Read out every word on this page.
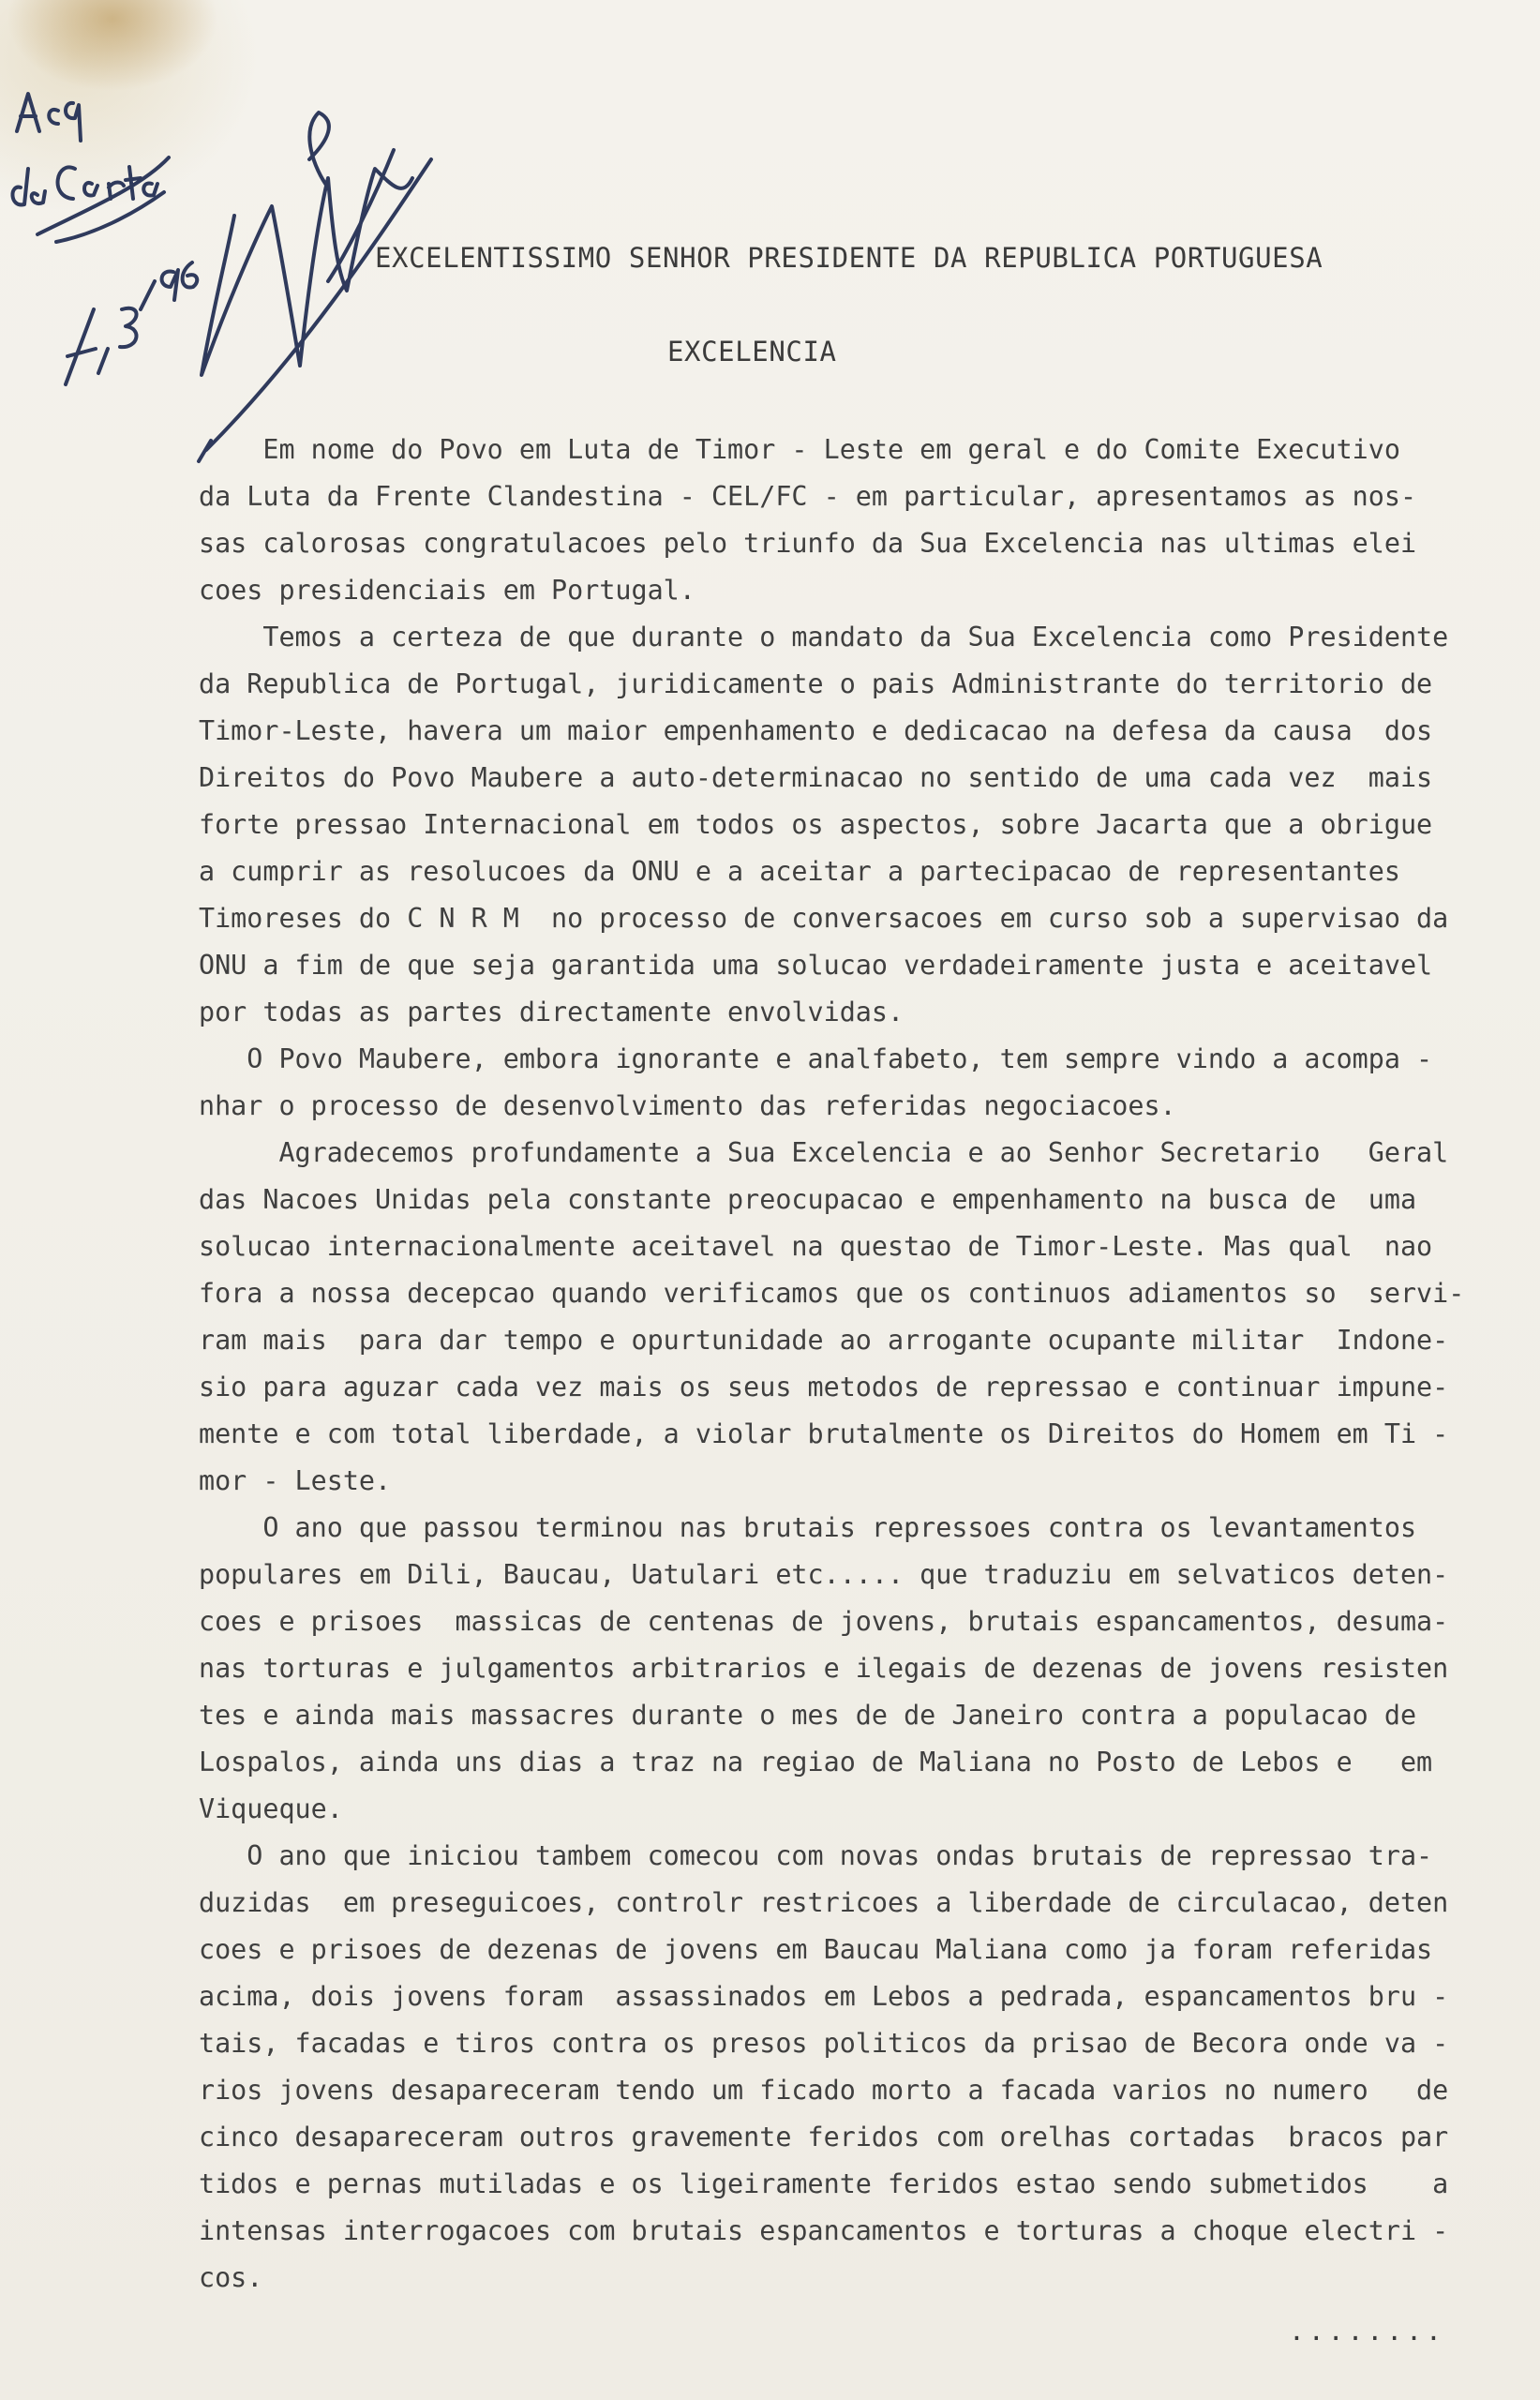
EXCELENTISSIMO SENHOR PRESIDENTE DA REPUBLICA PORTUGUESA
EXCELENCIA

Em nome do Povo em Luta de Timor - Leste em geral e do Comite Executivo
da Luta da Frente Clandestina - CEL/FC - em particular, apresentamos as nos-
sas calorosas congratulacoes pelo triunfo da Sua Excelencia nas ultimas elei
coes presidenciais em Portugal.

Temos a certeza de que durante o mandato da Sua Excelencia como Presidente
da Republica de Portugal, juridicamente o pais Administrante do territorio de
Timor-Leste, havera um maior empenhamento e dedicacao na defesa da causa  dos
Direitos do Povo Maubere a auto-determinacao no sentido de uma cada vez  mais
forte pressao Internacional em todos os aspectos, sobre Jacarta que a obrigue
a cumprir as resolucoes da ONU e a aceitar a partecipacao de representantes
Timoreses do C N R M  no processo de conversacoes em curso sob a supervisao da
ONU a fim de que seja garantida uma solucao verdadeiramente justa e aceitavel
por todas as partes directamente envolvidas.

O Povo Maubere, embora ignorante e analfabeto, tem sempre vindo a acompa -
nhar o processo de desenvolvimento das referidas negociacoes.

Agradecemos profundamente a Sua Excelencia e ao Senhor Secretario   Geral
das Nacoes Unidas pela constante preocupacao e empenhamento na busca de  uma
solucao internacionalmente aceitavel na questao de Timor-Leste. Mas qual  nao
fora a nossa decepcao quando verificamos que os continuos adiamentos so  servi-
ram mais  para dar tempo e opurtunidade ao arrogante ocupante militar  Indone-
sio para aguzar cada vez mais os seus metodos de repressao e continuar impune-
mente e com total liberdade, a violar brutalmente os Direitos do Homem em Ti -
mor - Leste.

O ano que passou terminou nas brutais repressoes contra os levantamentos
populares em Dili, Baucau, Uatulari etc..... que traduziu em selvaticos deten-
coes e prisoes  massicas de centenas de jovens, brutais espancamentos, desuma-
nas torturas e julgamentos arbitrarios e ilegais de dezenas de jovens resisten
tes e ainda mais massacres durante o mes de de Janeiro contra a populacao de
Lospalos, ainda uns dias a traz na regiao de Maliana no Posto de Lebos e   em
Viqueque.

O ano que iniciou tambem comecou com novas ondas brutais de repressao tra-
duzidas  em preseguicoes, controlr restricoes a liberdade de circulacao, deten
coes e prisoes de dezenas de jovens em Baucau Maliana como ja foram referidas
acima, dois jovens foram  assassinados em Lebos a pedrada, espancamentos bru -
tais, facadas e tiros contra os presos politicos da prisao de Becora onde va -
rios jovens desapareceram tendo um ficado morto a facada varios no numero   de
cinco desapareceram outros gravemente feridos com orelhas cortadas  bracos par
tidos e pernas mutiladas e os ligeiramente feridos estao sendo submetidos    a
intensas interrogacoes com brutais espancamentos e torturas a choque electri -
cos.

........
